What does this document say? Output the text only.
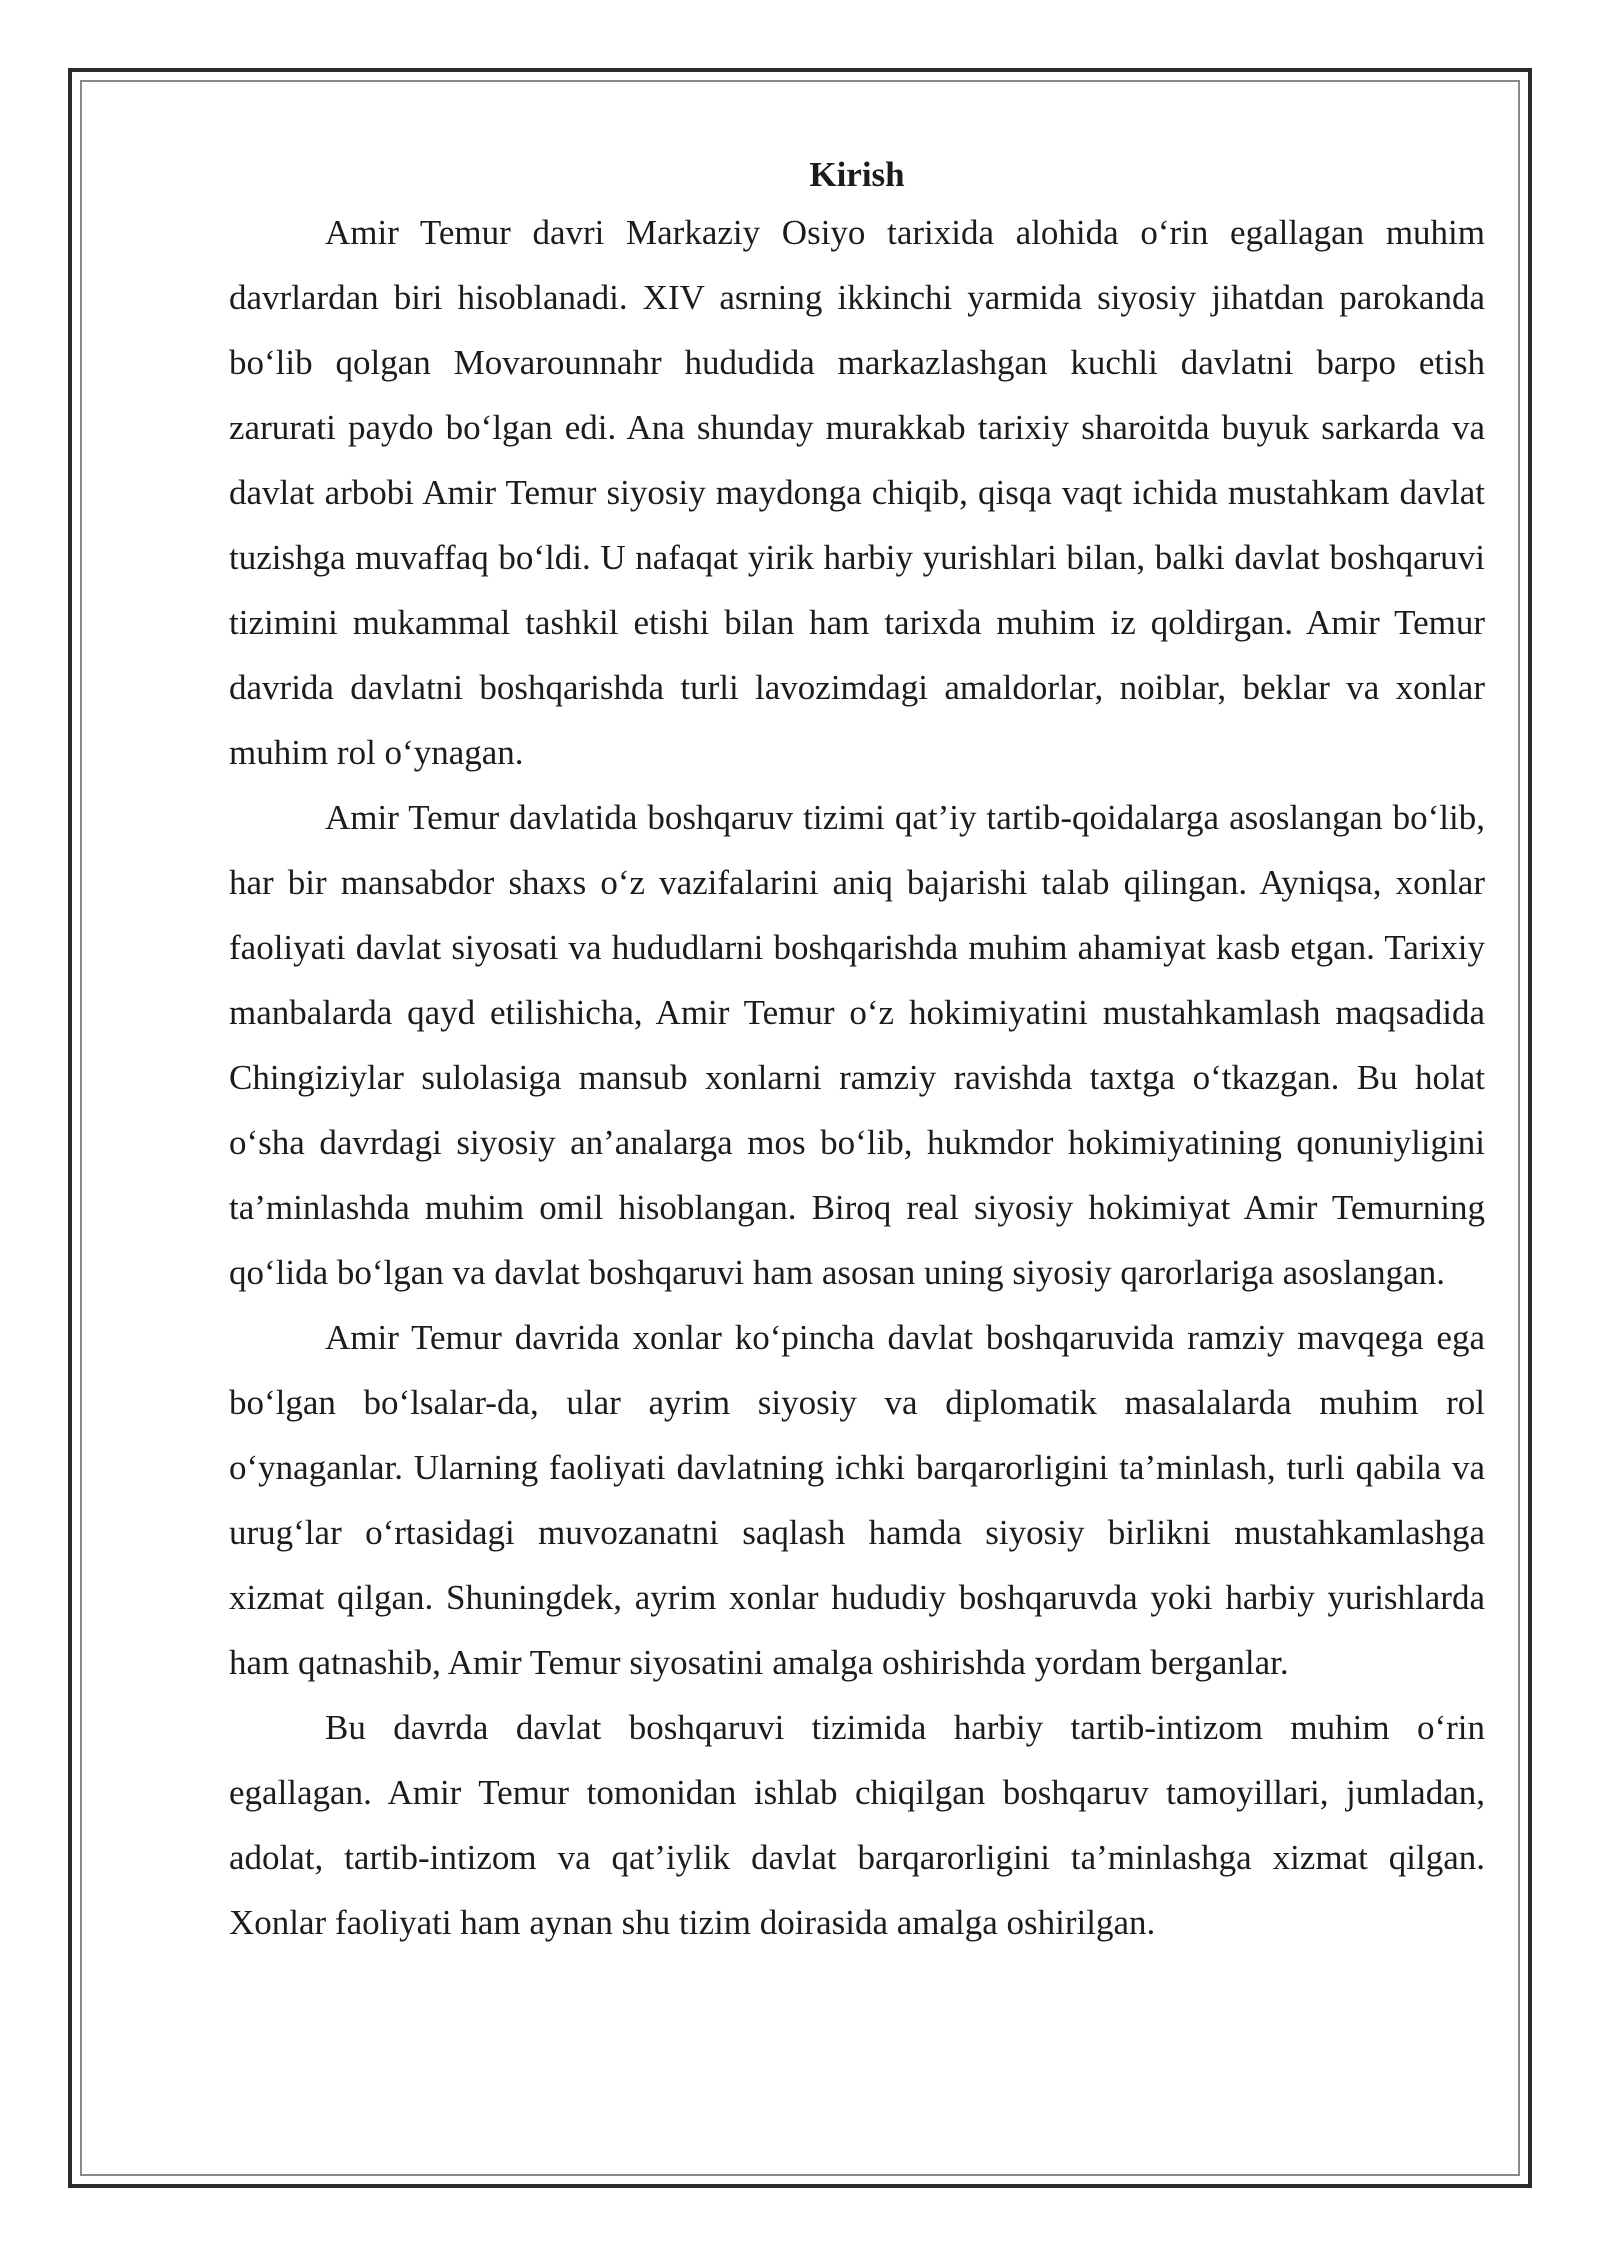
Kirish

Amir Temur davri Markaziy Osiyo tarixida alohida o‘rin egallagan muhim davrlardan biri hisoblanadi. XIV asrning ikkinchi yarmida siyosiy jihatdan parokanda bo‘lib qolgan Movarounnahr hududida markazlashgan kuchli davlatni barpo etish zarurati paydo bo‘lgan edi. Ana shunday murakkab tarixiy sharoitda buyuk sarkarda va davlat arbobi Amir Temur siyosiy maydonga chiqib, qisqa vaqt ichida mustahkam davlat tuzishga muvaffaq bo‘ldi. U nafaqat yirik harbiy yurishlari bilan, balki davlat boshqaruvi tizimini mukammal tashkil etishi bilan ham tarixda muhim iz qoldirgan. Amir Temur davrida davlatni boshqarishda turli lavozimdagi amaldorlar, noiblar, beklar va xonlar muhim rol o‘ynagan.

Amir Temur davlatida boshqaruv tizimi qat’iy tartib-qoidalarga asoslangan bo‘lib, har bir mansabdor shaxs o‘z vazifalarini aniq bajarishi talab qilingan. Ayniqsa, xonlar faoliyati davlat siyosati va hududlarni boshqarishda muhim ahamiyat kasb etgan. Tarixiy manbalarda qayd etilishicha, Amir Temur o‘z hokimiyatini mustahkamlash maqsadida Chingiziylar sulolasiga mansub xonlarni ramziy ravishda taxtga o‘tkazgan. Bu holat o‘sha davrdagi siyosiy an’analarga mos bo‘lib, hukmdor hokimiyatining qonuniyligini ta’minlashda muhim omil hisoblangan. Biroq real siyosiy hokimiyat Amir Temurning qo‘lida bo‘lgan va davlat boshqaruvi ham asosan uning siyosiy qarorlariga asoslangan.

Amir Temur davrida xonlar ko‘pincha davlat boshqaruvida ramziy mavqega ega bo‘lgan bo‘lsalar-da, ular ayrim siyosiy va diplomatik masalalarda muhim rol o‘ynaganlar. Ularning faoliyati davlatning ichki barqarorligini ta’minlash, turli qabila va urug‘lar o‘rtasidagi muvozanatni saqlash hamda siyosiy birlikni mustahkamlashga xizmat qilgan. Shuningdek, ayrim xonlar hududiy boshqaruvda yoki harbiy yurishlarda ham qatnashib, Amir Temur siyosatini amalga oshirishda yordam berganlar.

Bu davrda davlat boshqaruvi tizimida harbiy tartib-intizom muhim o‘rin egallagan. Amir Temur tomonidan ishlab chiqilgan boshqaruv tamoyillari, jumladan, adolat, tartib-intizom va qat’iylik davlat barqarorligini ta’minlashga xizmat qilgan. Xonlar faoliyati ham aynan shu tizim doirasida amalga oshirilgan.
